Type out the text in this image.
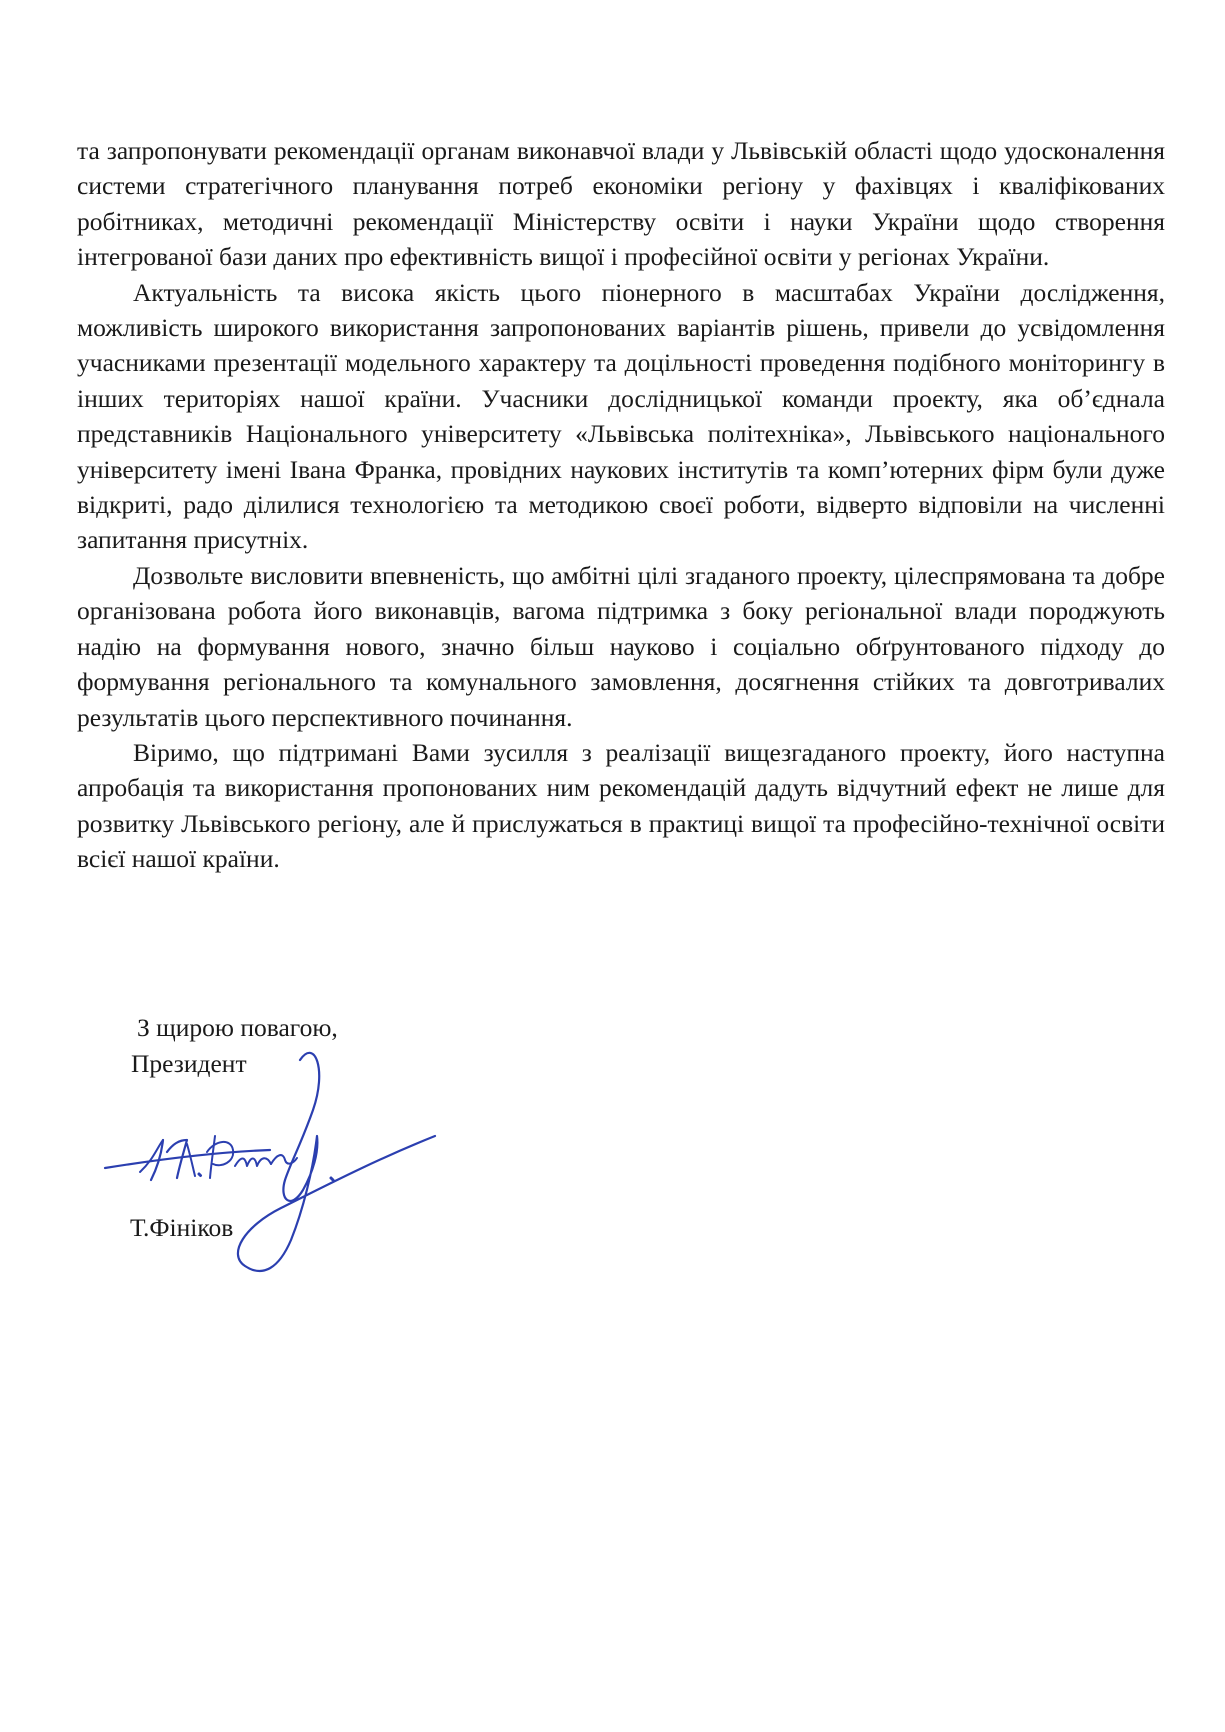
та запропонувати рекомендації органам виконавчої влади у Львівській області щодо удосконалення системи стратегічного планування потреб економіки регіону у фахівцях і кваліфікованих робітниках, методичні рекомендації Міністерству освіти і науки України щодо створення інтегрованої бази даних про ефективність вищої і професійної освіти у регіонах України.

Актуальність та висока якість цього піонерного в масштабах України дослідження, можливість широкого використання запропонованих варіантів рішень, привели до усвідомлення учасниками презентації модельного характеру та доцільності проведення подібного моніторингу в інших територіях нашої країни. Учасники дослідницької команди проекту, яка об’єднала представників Національного університету «Львівська політехніка», Львівського національного університету імені Івана Франка, провідних наукових інститутів та комп’ютерних фірм були дуже відкриті, радо ділилися технологією та методикою своєї роботи, відверто відповіли на численні запитання присутніх.

Дозвольте висловити впевненість, що амбітні цілі згаданого проекту, цілеспрямована та добре організована робота його виконавців, вагома підтримка з боку регіональної влади породжують надію на формування нового, значно більш науково і соціально обґрунтованого підходу до формування регіонального та комунального замовлення, досягнення стійких та довготривалих результатів цього перспективного починання.

Віримо, що підтримані Вами зусилля з реалізації вищезгаданого проекту, його наступна апробація та використання пропонованих ним рекомендацій дадуть відчутний ефект не лише для розвитку Львівського регіону, але й прислужаться в практиці вищої та професійно-технічної освіти всієї нашої країни.

З щирою повагою,
Президент
Т.Фініков
